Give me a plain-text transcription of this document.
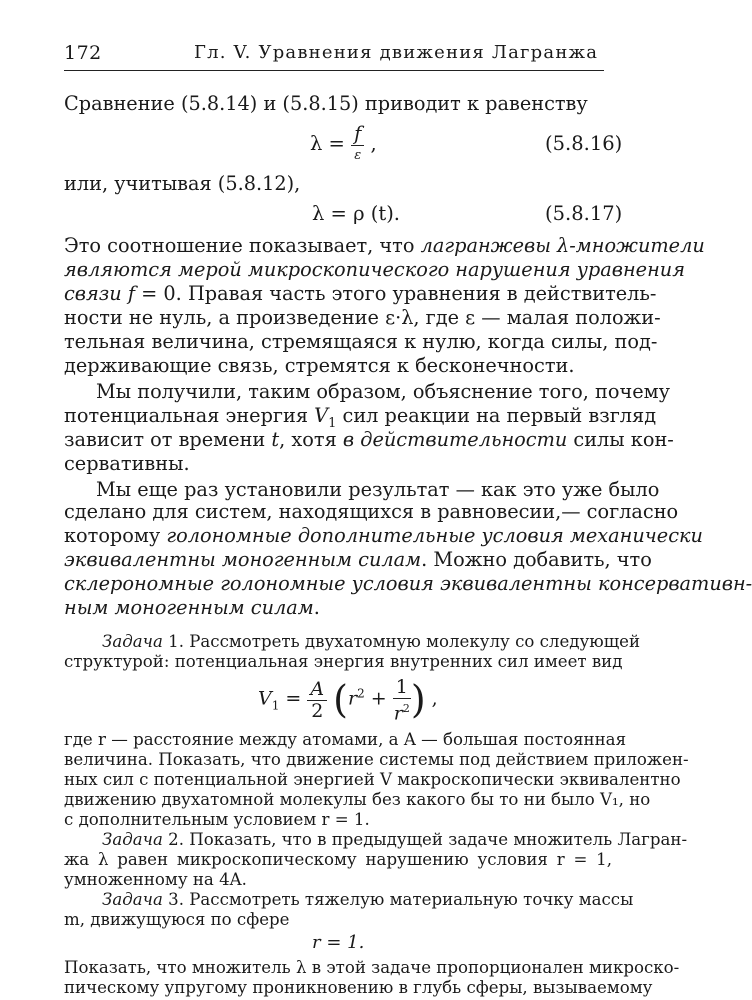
172	Гл. V. Уравнения движения Лагранжа
Сравнение (5.8.14) и (5.8.15) приводит к равенству
$\lambda = \frac{f}{\varepsilon}$ ,	(5.8.16)
или, учитывая (5.8.12),
λ = ρ (t).	(5.8.17)
Это соотношение показывает, что лагранжевы λ-множители
являются мерой микроскопического нарушения уравнения
связи f = 0. Правая часть этого уравнения в действитель-
ности не нуль, а произведение ε·λ, где ε — малая положи-
тельная величина, стремящаяся к нулю, когда силы, под-
держивающие связь, стремятся к бесконечности.
Мы получили, таким образом, объяснение того, почему
потенциальная энергия $V_1$ сил реакции на первый взгляд
зависит от времени t, хотя в действительности силы кон-
сервативны.
Мы еще раз установили результат — как это уже было
сделано для систем, находящихся в равновесии,— согласно
которому голономные дополнительные условия механически
эквивалентны моногенным силам. Можно добавить, что
склерономные голономные условия эквивалентны консервативн-
ным моногенным силам.
Задача 1. Рассмотреть двухатомную молекулу со следующей
структурой: потенциальная энергия внутренних сил имеет вид
$V_1 = \frac{A}{2} (r^2 + \frac{1}{r^2}$ ) ,
где r — расстояние между атомами, а A — большая постоянная
величина. Показать, что движение системы под действием приложен-
ных сил с потенциальной энергией V макроскопически эквивалентно
движению двухатомной молекулы без какого бы то ни было V₁, но
с дополнительным условием r = 1.
Задача 2. Показать, что в предыдущей задаче множитель Лагран-
жа λ равен микроскопическому нарушению условия r = 1,
умноженному на 4A.
Задача 3. Рассмотреть тяжелую материальную точку массы
m, движущуюся по сфере
r = 1.
Показать, что множитель λ в этой задаче пропорционален микроско-
пическому упругому проникновению в глубь сферы, вызываемому
